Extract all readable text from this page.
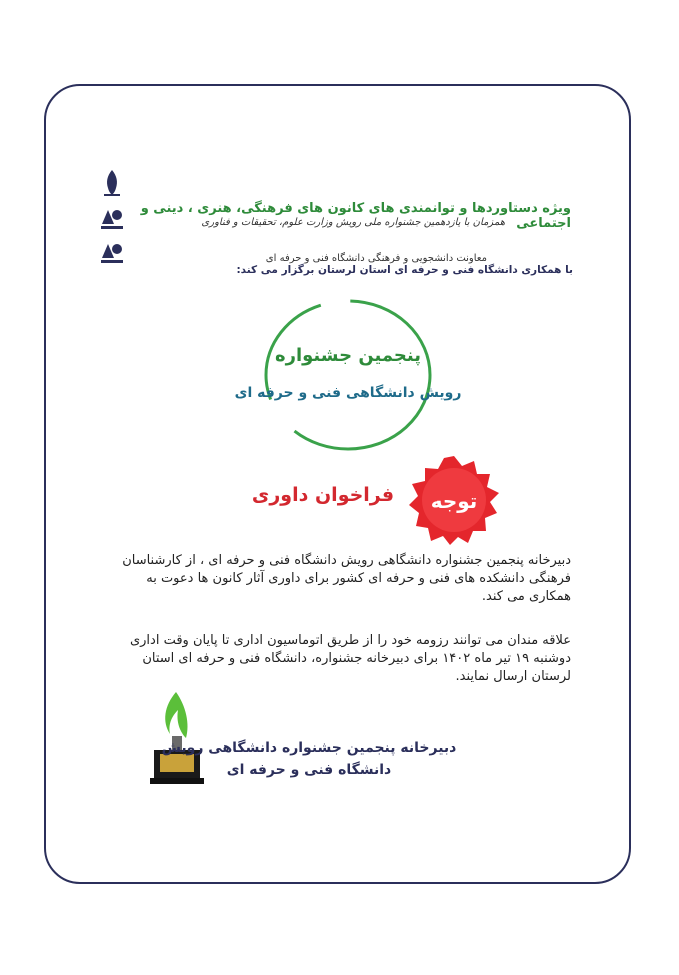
ویژه دستاوردها و توانمندی های کانون های فرهنگی، هنری ، دینی و اجتماعی
همزمان با یازدهمین جشنواره ملی رویش وزارت علوم، تحقیقات و فناوری
معاونت دانشجویی و فرهنگی دانشگاه فنی و حرفه ای
با همکاری دانشگاه فنی و حرفه ای استان لرستان برگزار می کند:
پنجمین جشنواره
رویش دانشگاهی فنی و حرفه ای
توجه
فراخوان داوری
دبیرخانه پنجمین جشنواره دانشگاهی رویش دانشگاه فنی و حرفه ای ، از کارشناسان فرهنگی دانشکده های فنی و حرفه ای کشور برای داوری آثار کانون ها دعوت به همکاری می کند.
علاقه مندان می توانند رزومه خود را از طریق اتوماسیون اداری تا پایان وقت اداری دوشنبه ۱۹ تیر ماه ۱۴۰۲ برای دبیرخانه جشنواره، دانشگاه فنی و حرفه ای استان لرستان ارسال نمایند.
دبیرخانه پنجمین جشنواره دانشگاهی رویش
دانشگاه فنی و حرفه ای
